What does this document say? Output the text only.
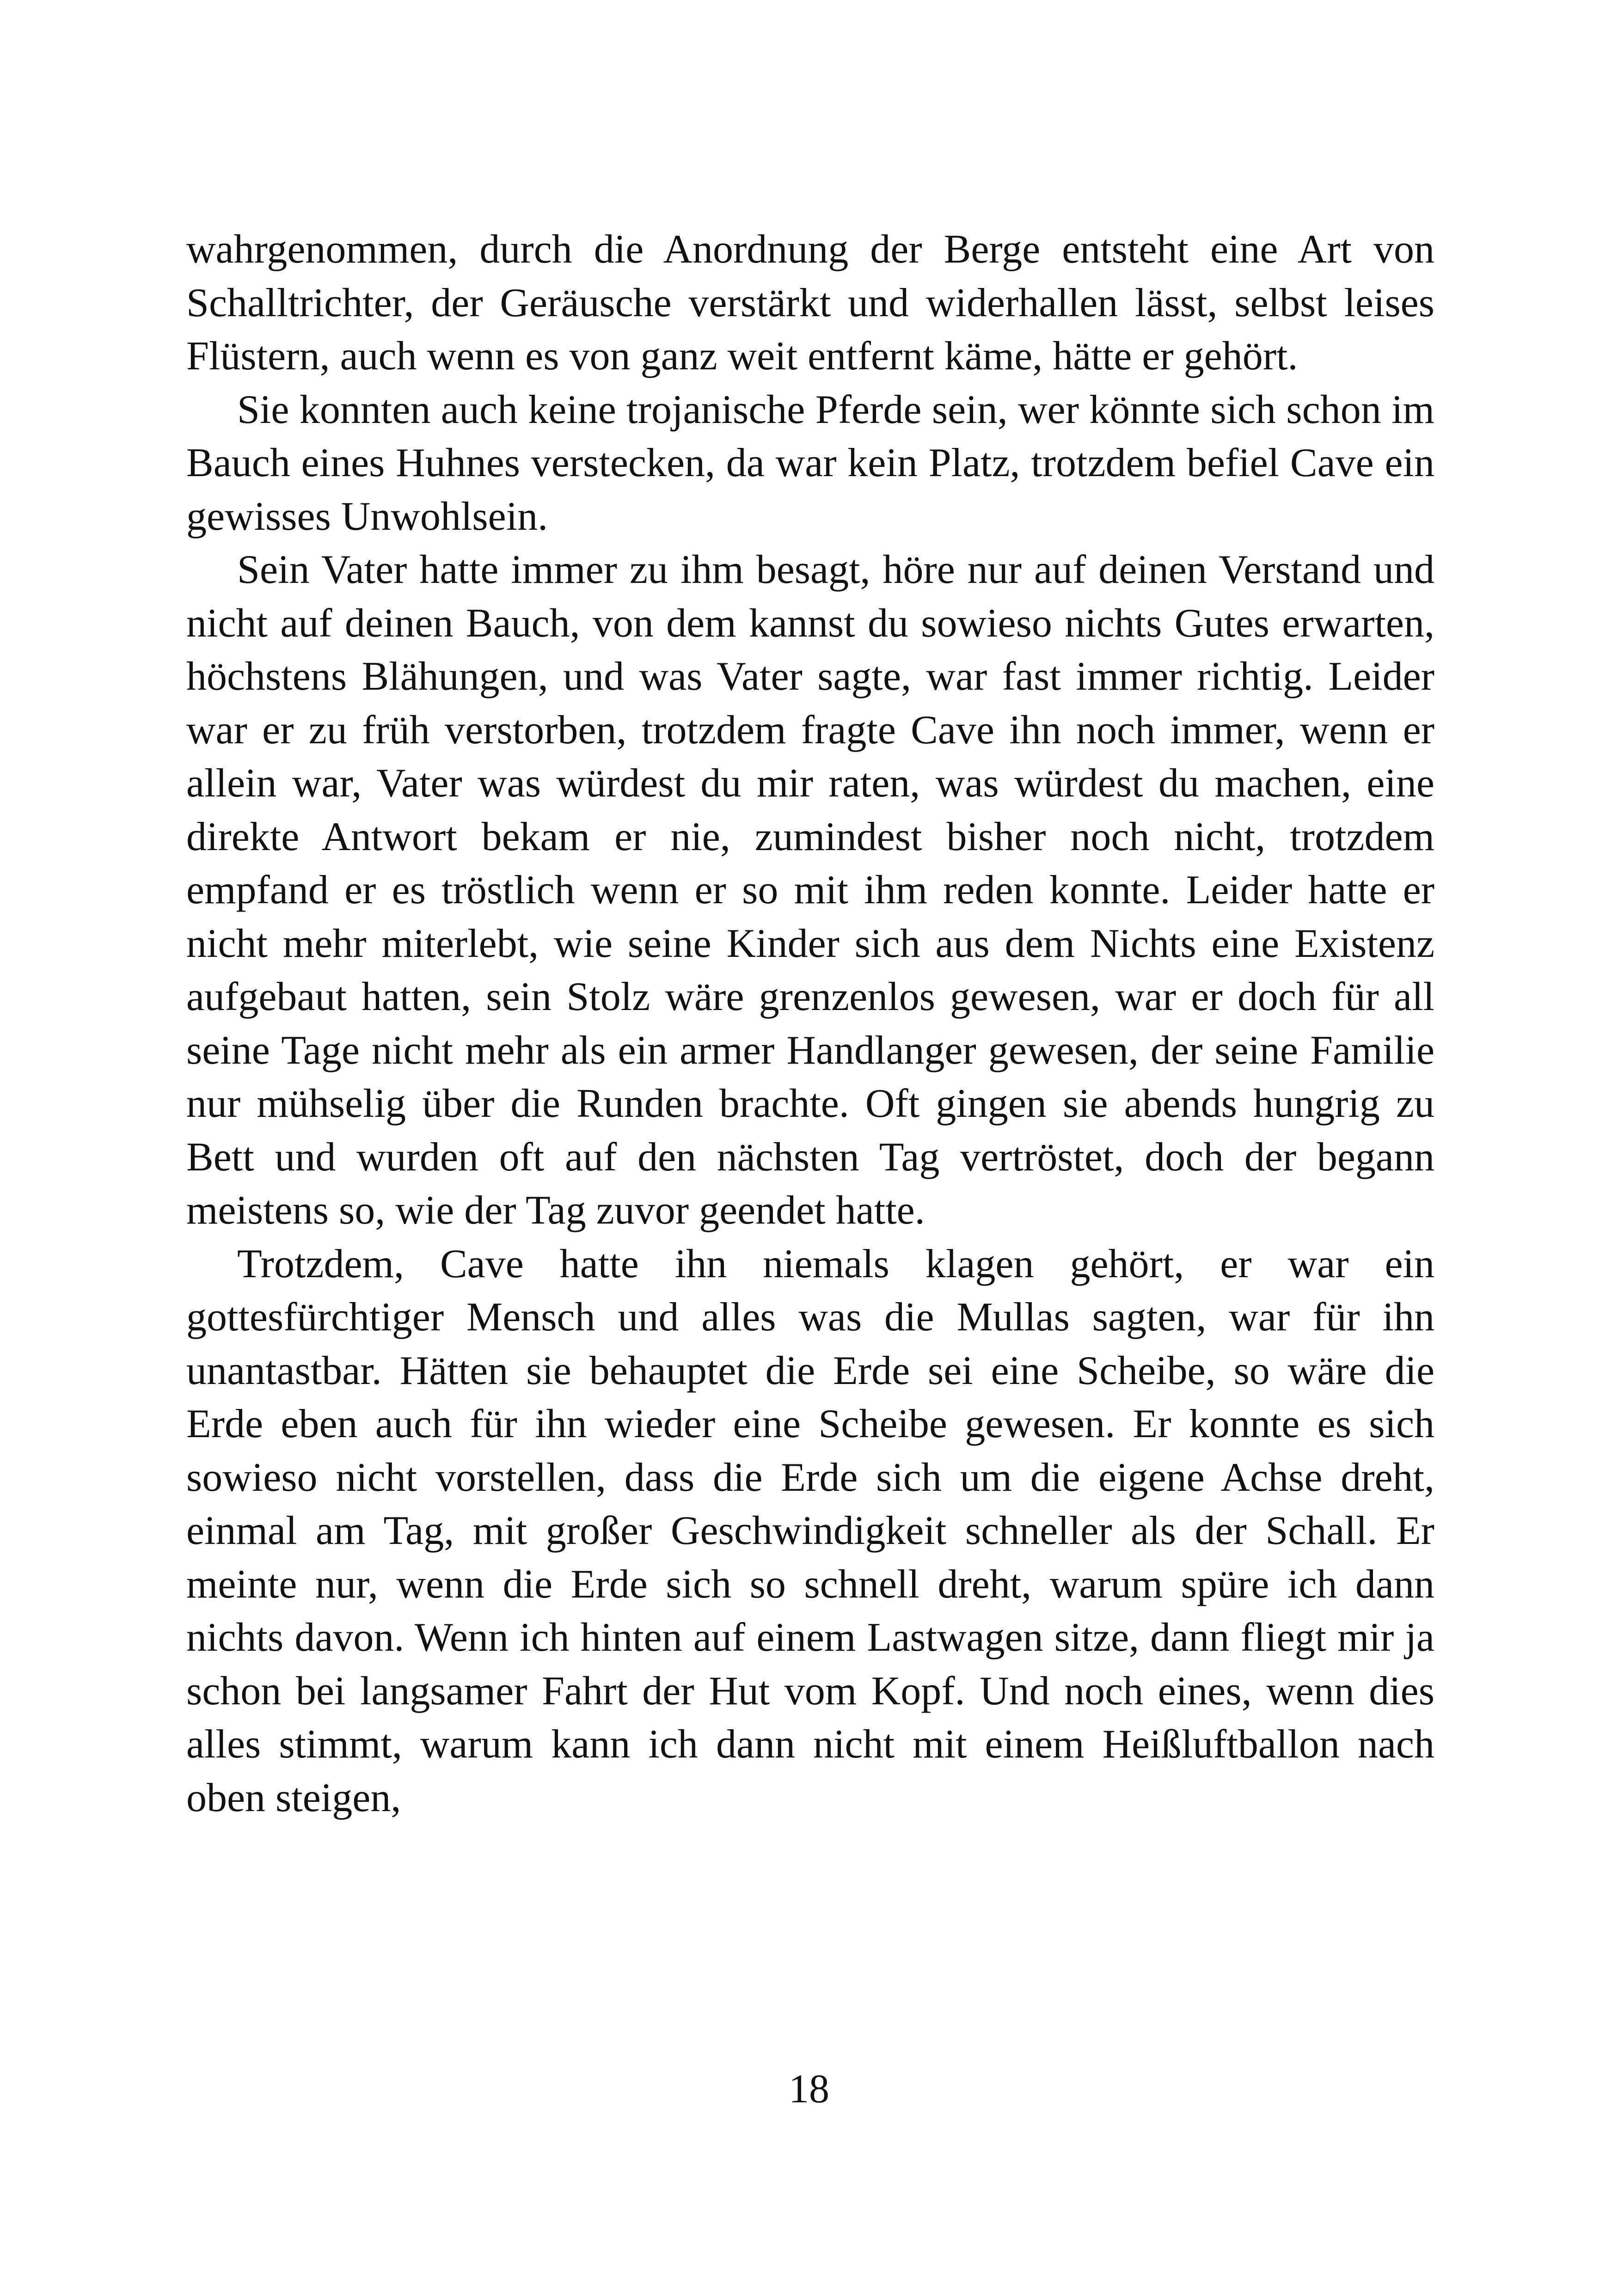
wahrgenommen, durch die Anordnung der Berge entsteht eine Art von Schalltrichter, der Geräusche verstärkt und widerhallen lässt, selbst leises Flüstern, auch wenn es von ganz weit entfernt käme, hätte er gehört.

Sie konnten auch keine trojanische Pferde sein, wer könnte sich schon im Bauch eines Huhnes verstecken, da war kein Platz, trotzdem befiel Cave ein gewisses Unwohlsein.

Sein Vater hatte immer zu ihm besagt, höre nur auf deinen Verstand und nicht auf deinen Bauch, von dem kannst du sowieso nichts Gutes erwarten, höchstens Blähungen, und was Vater sagte, war fast immer richtig. Leider war er zu früh verstorben, trotzdem fragte Cave ihn noch immer, wenn er allein war, Vater was würdest du mir raten, was würdest du machen, eine direkte Antwort bekam er nie, zumindest bisher noch nicht, trotzdem empfand er es tröstlich wenn er so mit ihm reden konnte. Leider hatte er nicht mehr miterlebt, wie seine Kinder sich aus dem Nichts eine Existenz aufgebaut hatten, sein Stolz wäre grenzenlos gewesen, war er doch für all seine Tage nicht mehr als ein armer Handlanger gewesen, der seine Familie nur mühselig über die Runden brachte. Oft gingen sie abends hungrig zu Bett und wurden oft auf den nächsten Tag vertröstet, doch der begann meistens so, wie der Tag zuvor geendet hatte.

Trotzdem, Cave hatte ihn niemals klagen gehört, er war ein gottesfürchtiger Mensch und alles was die Mullas sagten, war für ihn unantastbar. Hätten sie behauptet die Erde sei eine Scheibe, so wäre die Erde eben auch für ihn wieder eine Scheibe gewesen. Er konnte es sich sowieso nicht vorstellen, dass die Erde sich um die eigene Achse dreht, einmal am Tag, mit großer Geschwindigkeit schneller als der Schall. Er meinte nur, wenn die Erde sich so schnell dreht, warum spüre ich dann nichts davon. Wenn ich hinten auf einem Lastwagen sitze, dann fliegt mir ja schon bei langsamer Fahrt der Hut vom Kopf. Und noch eines, wenn dies alles stimmt, warum kann ich dann nicht mit einem Heißluftballon nach oben steigen,

18
